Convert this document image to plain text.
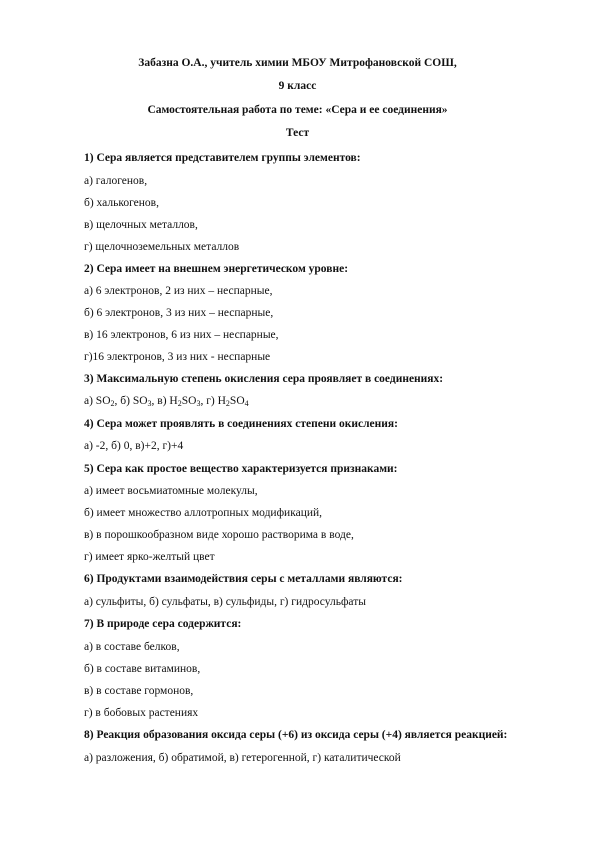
Забазна О.А., учитель химии МБОУ Митрофановской СОШ,
9 класс
Самостоятельная работа по теме: «Сера и ее соединения»
Тест
1) Сера является представителем группы элементов:
а) галогенов,
б) халькогенов,
в) щелочных металлов,
г) щелочноземельных металлов
2) Сера имеет на внешнем энергетическом уровне:
а) 6 электронов, 2 из них – неспарные,
б) 6 электронов, 3 из них – неспарные,
в) 16 электронов, 6 из них – неспарные,
г)16 электронов, 3 из них - неспарные
3) Максимальную степень окисления сера проявляет в соединениях:
а) $SO_2$, б) $SO_3$, в) $H_2SO_3$, г) $H_2SO_4$
4) Сера может проявлять в соединениях степени окисления:
а) -2, б) 0, в)+2, г)+4
5) Сера как простое вещество характеризуется признаками:
а) имеет восьмиатомные молекулы,
б) имеет множество аллотропных модификаций,
в) в порошкообразном виде хорошо растворима в воде,
г) имеет ярко-желтый цвет
6) Продуктами взаимодействия серы с металлами являются:
а) сульфиты, б) сульфаты, в) сульфиды, г) гидросульфаты
7) В природе сера содержится:
а) в составе белков,
б) в составе витаминов,
в) в составе гормонов,
г) в бобовых растениях
8) Реакция образования оксида серы (+6) из оксида серы (+4) является реакцией:
а) разложения, б) обратимой, в) гетерогенной, г) каталитической
